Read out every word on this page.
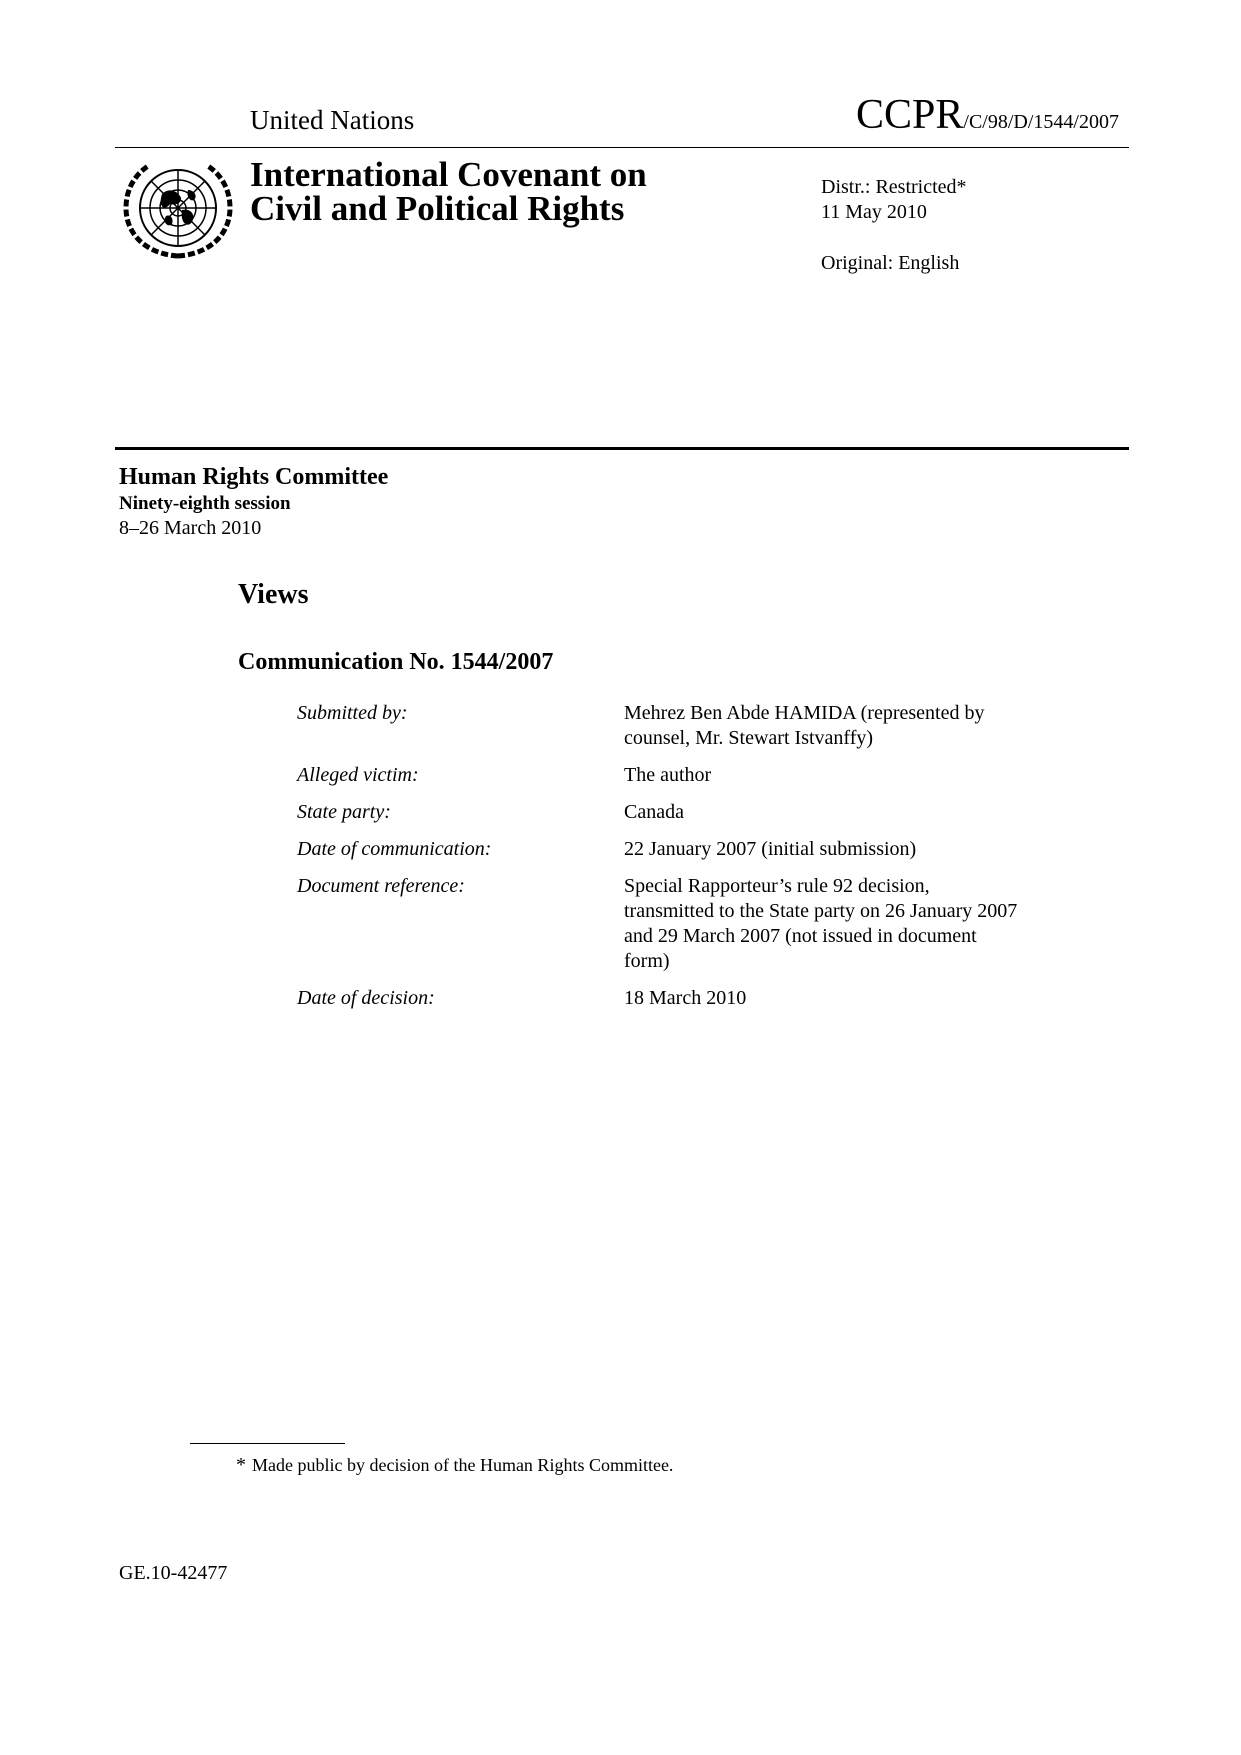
United Nations	CCPR/C/98/D/1544/2007
International Covenant on
Civil and Political Rights
Distr.: Restricted*
11 May 2010
Original: English
Human Rights Committee
Ninety-eighth session
8–26 March 2010
Views
Communication No. 1544/2007
Submitted by:	Mehrez Ben Abde HAMIDA (represented by counsel, Mr. Stewart Istvanffy)
Alleged victim:	The author
State party:	Canada
Date of communication:	22 January 2007 (initial submission)
Document reference:	Special Rapporteur’s rule 92 decision, transmitted to the State party on 26 January 2007 and 29 March 2007 (not issued in document form)
Date of decision:	18 March 2010
* Made public by decision of the Human Rights Committee.
GE.10-42477
